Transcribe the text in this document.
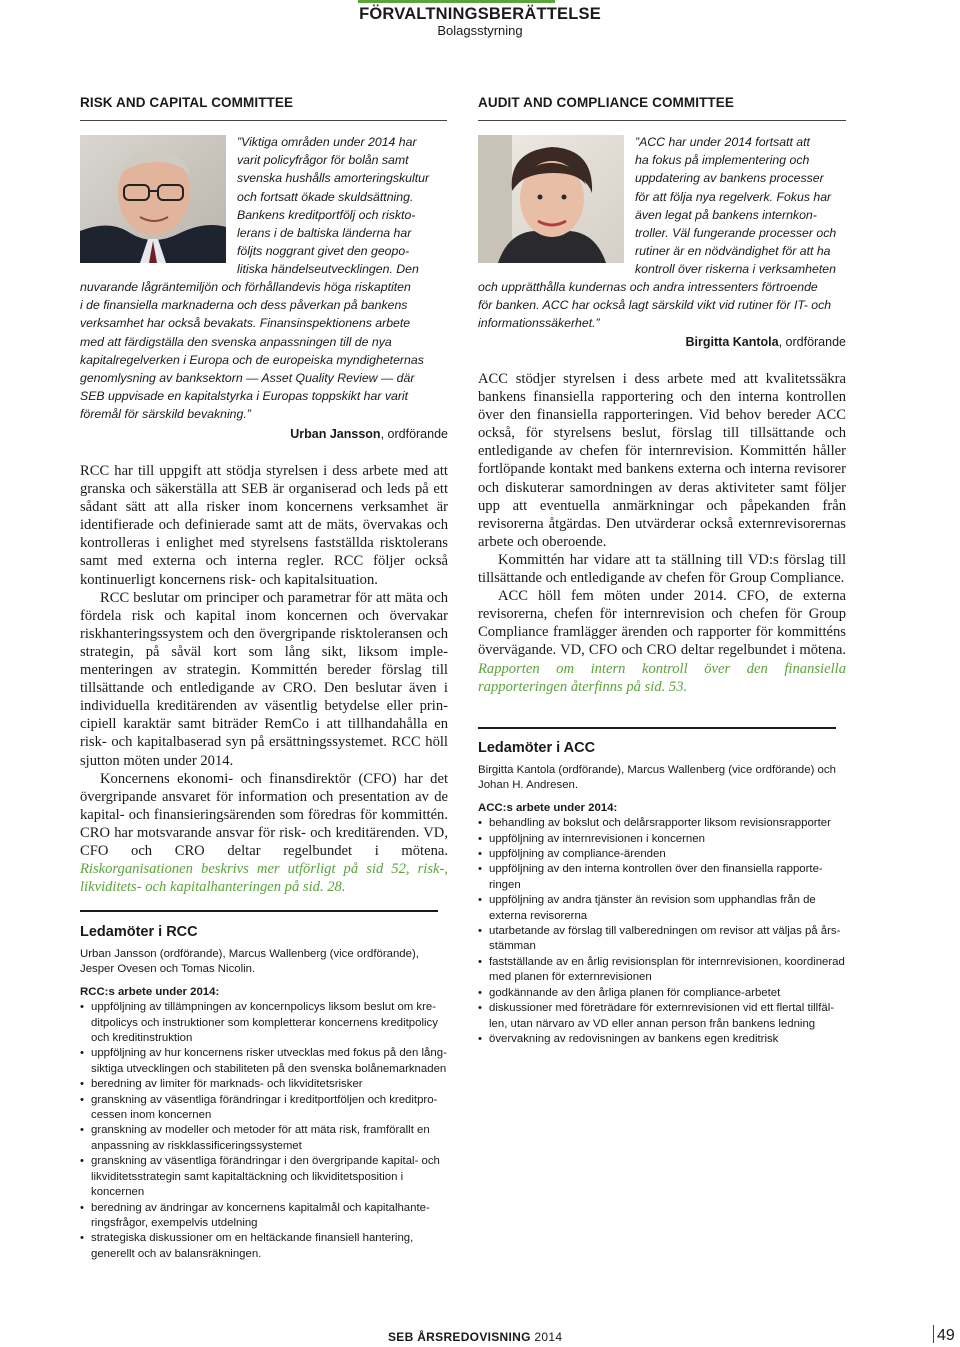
FÖRVALTNINGSBERÄTTELSE
Bolagsstyrning
RISK AND CAPITAL COMMITTEE

”Viktiga områden under 2014 har

varit policyfrågor för bolån samt

svenska hushålls amorteringskultur

och fortsatt ökade skuldsättning.

Bankens kreditportfölj och riskto-

lerans i de baltiska länderna har

följts noggrant givet den geopo-

litiska händelseutvecklingen. Den

nuvarande lågräntemiljön och förhållandevis höga riskaptiten

i de finansiella marknaderna och dess påverkan på bankens

verksamhet har också bevakats. Finansinspektionens arbete

med att färdigställa den svenska anpassningen till de nya

kapitalregelverken i Europa och de europeiska myndigheternas

genomlysning av banksektorn — Asset Quality Review — där

SEB uppvisade en kapitalstyrka i Europas toppskikt har varit

föremål för särskild bevakning.”

Urban Jansson, ordförande

RCC har till uppgift att stödja styrelsen i dess arbete med att granska och säkerställa att SEB är organiserad och leds på ett sådant sätt att alla risker inom koncernens verksamhet är identifierade och definierade samt att de mäts, övervakas och kontrolleras i enlighet med styrelsens fastställda risktolerans samt med externa och interna regler. RCC följer också kontinuerligt koncernens risk- och kapitalsituation.

RCC beslutar om principer och parametrar för att mäta och fördela risk och kapital inom koncernen och övervakar riskhanteringssystem och den övergripande risktoleransen och strategin, på såväl kort som lång sikt, liksom implementeringen av strategin. Kommittén bereder förslag till tillsättande och entledigande av CRO. Den beslutar även i individuella kreditärenden av väsentlig betydelse eller principiell karaktär samt biträder RemCo i att tillhandahålla en risk- och kapitalbaserad syn på ersättningssystemet. RCC höll sjutton möten under 2014.

Koncernens ekonomi- och finansdirektör (CFO) har det övergripande ansvaret för information och presentation av de kapital- och finansieringsärenden som föredras för kommittén. CRO har motsvarande ansvar för risk- och kreditärenden. VD, CFO och CRO deltar regelbundet i mötena. Riskorganisationen beskrivs mer utförligt på sid 52, risk-, likviditets- och kapitalhanteringen på sid. 28.

Ledamöter i RCC
Urban Jansson (ordförande), Marcus Wallenberg (vice ordförande), Jesper Ovesen och Tomas Nicolin.
RCC:s arbete under 2014:
• uppföljning av tillämpningen av koncernpolicys liksom beslut om kreditpolicys och instruktioner som kompletterar koncernens kreditpolicy och kreditinstruktion
• uppföljning av hur koncernens risker utvecklas med fokus på den långsiktiga utvecklingen och stabiliteten på den svenska bolånemarknaden
• beredning av limiter för marknads- och likviditetsrisker
• granskning av väsentliga förändringar i kreditportföljen och kreditprocessen inom koncernen
• granskning av modeller och metoder för att mäta risk, framförallt en anpassning av riskklassificeringssystemet
• granskning av väsentliga förändringar i den övergripande kapital- och likviditetsstrategin samt kapitaltäckning och likviditetsposition i koncernen
• beredning av ändringar av koncernens kapitalmål och kapitalhanteringsfrågor, exempelvis utdelning
• strategiska diskussioner om en heltäckande finansiell hantering, generellt och av balansräkningen.
AUDIT AND COMPLIANCE COMMITTEE

”ACC har under 2014 fortsatt att

ha fokus på implementering och

uppdatering av bankens processer

för att följa nya regelverk. Fokus har

även legat på bankens internkon-

troller. Väl fungerande processer och

rutiner är en nödvändighet för att ha

kontroll över riskerna i verksamheten

och upprätthålla kundernas och andra intressenters förtroende

för banken. ACC har också lagt särskild vikt vid rutiner för IT- och

informationssäkerhet.”

Birgitta Kantola, ordförande

ACC stödjer styrelsen i dess arbete med att kvalitetssäkra bankens finansiella rapportering och den interna kontrollen över den finansiella rapporteringen. Vid behov bereder ACC också, för styrelsens beslut, förslag till tillsättande och entledigande av chefen för internrevision. Kommittén håller fortlöpande kontakt med bankens externa och interna revisorer och diskuterar samordningen av deras aktiviteter samt följer upp att eventuella anmärkningar och påpekanden från revisorerna åtgärdas. Den utvärderar också externrevisorernas arbete och oberoende.

Kommittén har vidare att ta ställning till VD:s förslag till tillsättande och entledigande av chefen för Group Compliance.

ACC höll fem möten under 2014. CFO, de externa revisorerna, chefen för internrevision och chefen för Group Compliance framlägger ärenden och rapporter för kommitténs övervägande. VD, CFO och CRO deltar regelbundet i mötena. Rapporten om intern kontroll över den finansiella rapporteringen återfinns på sid. 53.

Ledamöter i ACC
Birgitta Kantola (ordförande), Marcus Wallenberg (vice ordförande) och Johan H. Andresen.
ACC:s arbete under 2014:
• behandling av bokslut och delårsrapporter liksom revisionsrapporter
• uppföljning av internrevisionen i koncernen
• uppföljning av compliance-ärenden
• uppföljning av den interna kontrollen över den finansiella rapporteringen
• uppföljning av andra tjänster än revision som upphandlas från de externa revisorerna
• utarbetande av förslag till valberedningen om revisor att väljas på årsstämman
• fastställande av en årlig revisionsplan för internrevisionen, koordinerad med planen för externrevisionen
• godkännande av den årliga planen för compliance-arbetet
• diskussioner med företrädare för externrevisionen vid ett flertal tillfällen, utan närvaro av VD eller annan person från bankens ledning
• övervakning av redovisningen av bankens egen kreditrisk
SEB ÅRSREDOVISNING 2014	49
